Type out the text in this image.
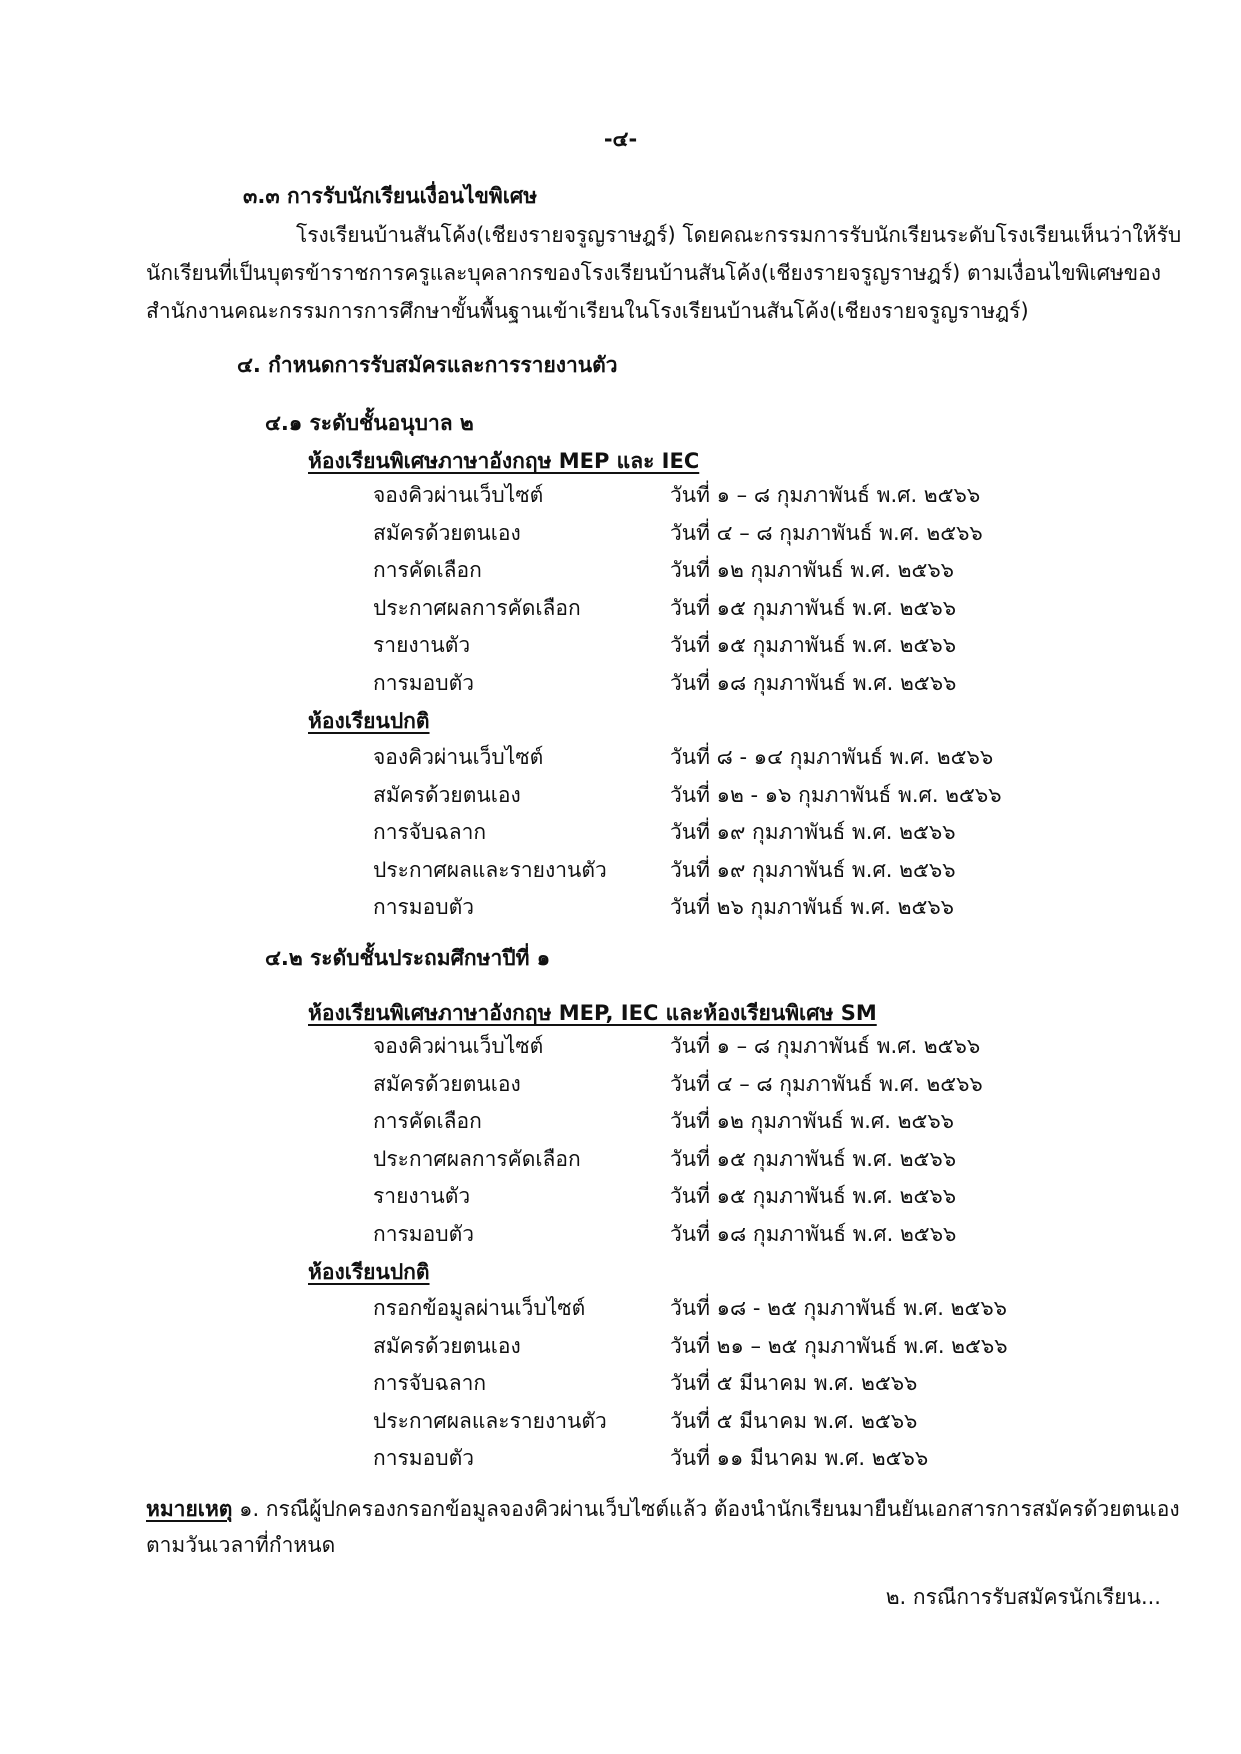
-๔-
๓.๓ การรับนักเรียนเงื่อนไขพิเศษ
โรงเรียนบ้านสันโค้ง(เชียงรายจรูญราษฎร์) โดยคณะกรรมการรับนักเรียนระดับโรงเรียนเห็นว่าให้รับ
นักเรียนที่เป็นบุตรข้าราชการครูและบุคลากรของโรงเรียนบ้านสันโค้ง(เชียงรายจรูญราษฎร์) ตามเงื่อนไขพิเศษของ
สำนักงานคณะกรรมการการศึกษาขั้นพื้นฐานเข้าเรียนในโรงเรียนบ้านสันโค้ง(เชียงรายจรูญราษฎร์)
๔. กำหนดการรับสมัครและการรายงานตัว
๔.๑ ระดับชั้นอนุบาล ๒
ห้องเรียนพิเศษภาษาอังกฤษ MEP และ IEC
จองคิวผ่านเว็บไซต์	วันที่ ๑ – ๘ กุมภาพันธ์ พ.ศ. ๒๕๖๖
สมัครด้วยตนเอง	วันที่ ๔ – ๘ กุมภาพันธ์ พ.ศ. ๒๕๖๖
การคัดเลือก	วันที่ ๑๒ กุมภาพันธ์ พ.ศ. ๒๕๖๖
ประกาศผลการคัดเลือก	วันที่ ๑๕ กุมภาพันธ์ พ.ศ. ๒๕๖๖
รายงานตัว	วันที่ ๑๕ กุมภาพันธ์ พ.ศ. ๒๕๖๖
การมอบตัว	วันที่ ๑๘ กุมภาพันธ์ พ.ศ. ๒๕๖๖
ห้องเรียนปกติ
จองคิวผ่านเว็บไซต์	วันที่ ๘ - ๑๔ กุมภาพันธ์ พ.ศ. ๒๕๖๖
สมัครด้วยตนเอง	วันที่ ๑๒ - ๑๖ กุมภาพันธ์ พ.ศ. ๒๕๖๖
การจับฉลาก	วันที่ ๑๙ กุมภาพันธ์ พ.ศ. ๒๕๖๖
ประกาศผลและรายงานตัว	วันที่ ๑๙ กุมภาพันธ์ พ.ศ. ๒๕๖๖
การมอบตัว	วันที่ ๒๖ กุมภาพันธ์ พ.ศ. ๒๕๖๖
๔.๒ ระดับชั้นประถมศึกษาปีที่ ๑
ห้องเรียนพิเศษภาษาอังกฤษ MEP, IEC และห้องเรียนพิเศษ SM
จองคิวผ่านเว็บไซต์	วันที่ ๑ – ๘ กุมภาพันธ์ พ.ศ. ๒๕๖๖
สมัครด้วยตนเอง	วันที่ ๔ – ๘ กุมภาพันธ์ พ.ศ. ๒๕๖๖
การคัดเลือก	วันที่ ๑๒ กุมภาพันธ์ พ.ศ. ๒๕๖๖
ประกาศผลการคัดเลือก	วันที่ ๑๕ กุมภาพันธ์ พ.ศ. ๒๕๖๖
รายงานตัว	วันที่ ๑๕ กุมภาพันธ์ พ.ศ. ๒๕๖๖
การมอบตัว	วันที่ ๑๘ กุมภาพันธ์ พ.ศ. ๒๕๖๖
ห้องเรียนปกติ
กรอกข้อมูลผ่านเว็บไซต์	วันที่ ๑๘ - ๒๕ กุมภาพันธ์ พ.ศ. ๒๕๖๖
สมัครด้วยตนเอง	วันที่ ๒๑ – ๒๕ กุมภาพันธ์ พ.ศ. ๒๕๖๖
การจับฉลาก	วันที่ ๕ มีนาคม พ.ศ. ๒๕๖๖
ประกาศผลและรายงานตัว	วันที่ ๕ มีนาคม พ.ศ. ๒๕๖๖
การมอบตัว	วันที่ ๑๑ มีนาคม พ.ศ. ๒๕๖๖
หมายเหตุ ๑. กรณีผู้ปกครองกรอกข้อมูลจองคิวผ่านเว็บไซต์แล้ว ต้องนำนักเรียนมายืนยันเอกสารการสมัครด้วยตนเอง
ตามวันเวลาที่กำหนด
๒. กรณีการรับสมัครนักเรียน...
